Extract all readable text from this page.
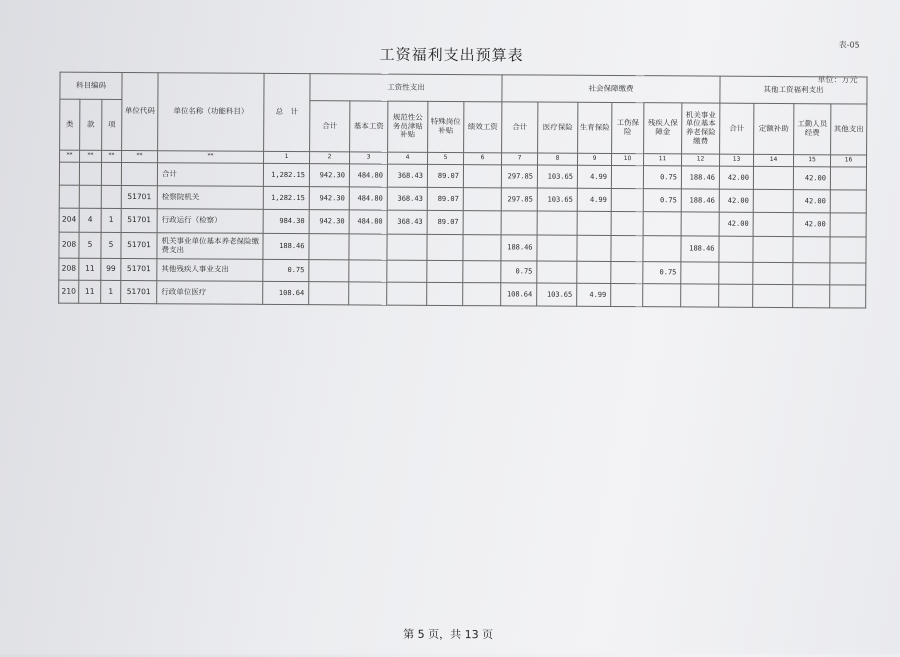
表-05
工资福利支出预算表
单位：万元
科目编码			单位代码	单位名称（功能科目）	总　计	工资性支出					社会保障缴费						其他工资福利支出			
类	款	项				合计	基本工资	规范性公务员津贴补贴	特殊岗位补贴	绩效工资	合计	医疗保险	生育保险	工伤保险	残疾人保障金	机关事业单位基本养老保险缴费	合计	定额补助	工勤人员经费	其他支出
**	**	**	**	**	1	2	3	4	5	6	7	8	9	10	11	12	13	14	15	16
				合计	1,282.15	942.30	484.80	368.43	89.07		297.85	103.65	4.99		0.75	188.46	42.00		42.00	
			51701	检察院机关	1,282.15	942.30	484.80	368.43	89.07		297.85	103.65	4.99		0.75	188.46	42.00		42.00	
204	4	1	51701	行政运行（检察）	984.30	942.30	484.80	368.43	89.07								42.00		42.00	
208	5	5	51701	机关事业单位基本养老保险缴费支出	188.46						188.46					188.46				
208	11	99	51701	其他残疾人事业支出	0.75						0.75				0.75					
210	11	1	51701	行政单位医疗	108.64						108.64	103.65	4.99							
第 5 页，共 13 页
